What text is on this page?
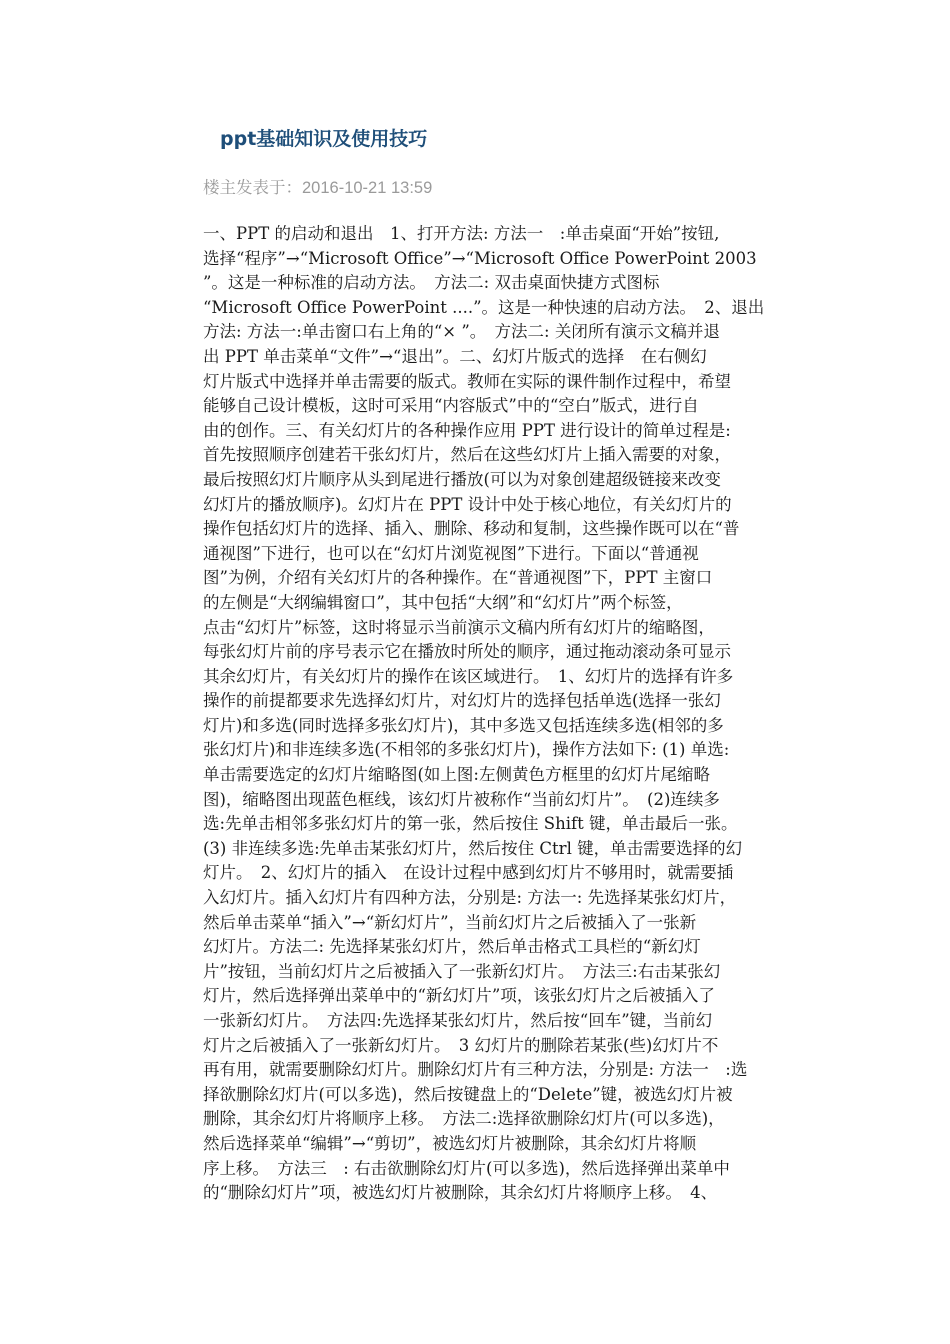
ppt基础知识及使用技巧
楼主发表于：2016-10-21 13:59
一、PPT 的启动和退出　1、打开方法: 方法一　:单击桌面“开始”按钮,
选择“程序”→“Microsoft Office”→“Microsoft Office PowerPoint 2003
”。这是一种标准的启动方法。　方法二: 双击桌面快捷方式图标
“Microsoft Office PowerPoint ....”。这是一种快速的启动方法。　2、退出
方法: 方法一:单击窗口右上角的“× ”。　方法二: 关闭所有演示文稿并退
出 PPT 单击菜单“文件”→“退出”。二、幻灯片版式的选择　在右侧幻
灯片版式中选择并单击需要的版式。教师在实际的课件制作过程中，希望
能够自己设计模板，这时可采用“内容版式”中的“空白”版式，进行自
由的创作。三、有关幻灯片的各种操作应用 PPT 进行设计的简单过程是:
首先按照顺序创建若干张幻灯片，然后在这些幻灯片上插入需要的对象，
最后按照幻灯片顺序从头到尾进行播放(可以为对象创建超级链接来改变
幻灯片的播放顺序)。幻灯片在 PPT 设计中处于核心地位，有关幻灯片的
操作包括幻灯片的选择、插入、删除、移动和复制，这些操作既可以在“普
通视图”下进行，也可以在“幻灯片浏览视图”下进行。下面以“普通视
图”为例，介绍有关幻灯片的各种操作。在“普通视图”下，PPT 主窗口
的左侧是“大纲编辑窗口”，其中包括“大纲”和“幻灯片”两个标签，
点击“幻灯片”标签，这时将显示当前演示文稿内所有幻灯片的缩略图，
每张幻灯片前的序号表示它在播放时所处的顺序，通过拖动滚动条可显示
其余幻灯片，有关幻灯片的操作在该区域进行。　1、幻灯片的选择有许多
操作的前提都要求先选择幻灯片，对幻灯片的选择包括单选(选择一张幻
灯片)和多选(同时选择多张幻灯片)，其中多选又包括连续多选(相邻的多
张幻灯片)和非连续多选(不相邻的多张幻灯片)，操作方法如下: (1) 单选:
单击需要选定的幻灯片缩略图(如上图:左侧黄色方框里的幻灯片尾缩略
图)，缩略图出现蓝色框线，该幻灯片被称作“当前幻灯片”。　(2)连续多
选:先单击相邻多张幻灯片的第一张，然后按住 Shift 键，单击最后一张。
(3) 非连续多选:先单击某张幻灯片，然后按住 Ctrl 键，单击需要选择的幻
灯片。　2、幻灯片的插入　在设计过程中感到幻灯片不够用时，就需要插
入幻灯片。插入幻灯片有四种方法，分别是: 方法一: 先选择某张幻灯片，
然后单击菜单“插入”→“新幻灯片”，当前幻灯片之后被插入了一张新
幻灯片。方法二: 先选择某张幻灯片，然后单击格式工具栏的“新幻灯
片”按钮，当前幻灯片之后被插入了一张新幻灯片。　方法三:右击某张幻
灯片，然后选择弹出菜单中的“新幻灯片”项，该张幻灯片之后被插入了
一张新幻灯片。　方法四:先选择某张幻灯片，然后按“回车”键，当前幻
灯片之后被插入了一张新幻灯片。　3 幻灯片的删除若某张(些)幻灯片不
再有用，就需要删除幻灯片。删除幻灯片有三种方法，分别是: 方法一　:选
择欲删除幻灯片(可以多选)，然后按键盘上的“Delete”键，被选幻灯片被
删除，其余幻灯片将顺序上移。　方法二:选择欲删除幻灯片(可以多选)，
然后选择菜单“编辑”→“剪切”，被选幻灯片被删除，其余幻灯片将顺
序上移。　方法三　: 右击欲删除幻灯片(可以多选)，然后选择弹出菜单中
的“删除幻灯片”项，被选幻灯片被删除，其余幻灯片将顺序上移。　4、
